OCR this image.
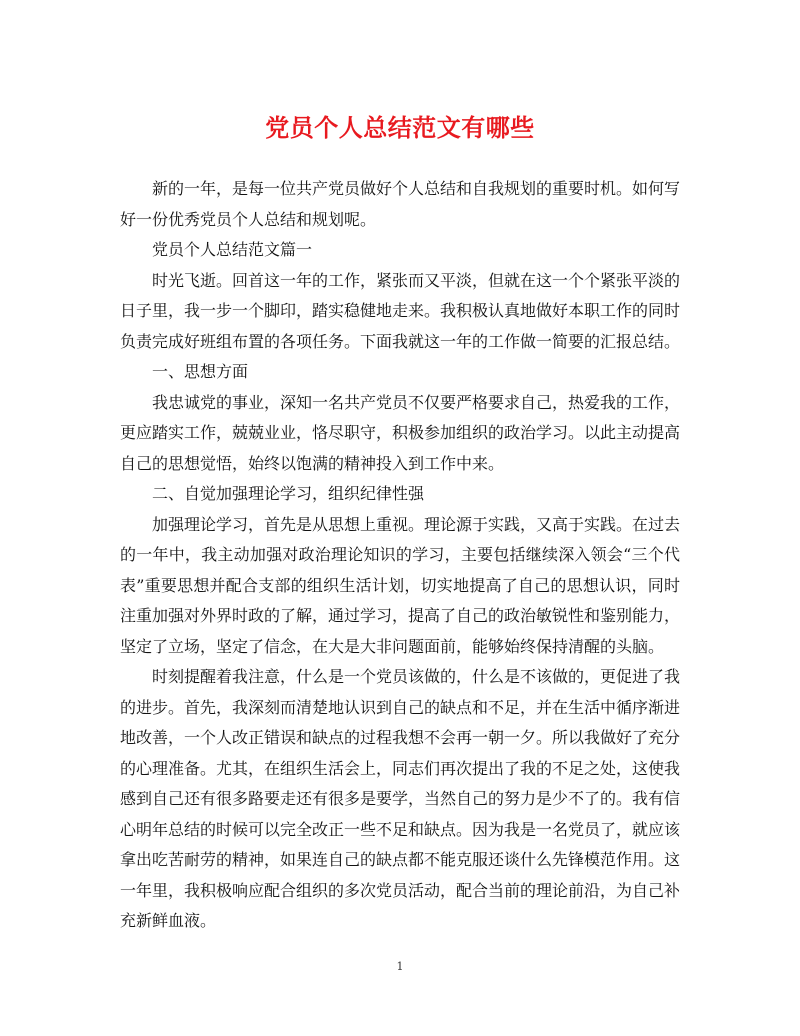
党员个人总结范文有哪些

新的一年，是每一位共产党员做好个人总结和自我规划的重要时机。如何写好一份优秀党员个人总结和规划呢。

党员个人总结范文篇一

时光飞逝。回首这一年的工作，紧张而又平淡，但就在这一个个紧张平淡的日子里，我一步一个脚印，踏实稳健地走来。我积极认真地做好本职工作的同时负责完成好班组布置的各项任务。下面我就这一年的工作做一简要的汇报总结。

一、思想方面

我忠诚党的事业，深知一名共产党员不仅要严格要求自己，热爱我的工作，更应踏实工作，兢兢业业，恪尽职守，积极参加组织的政治学习。以此主动提高自己的思想觉悟，始终以饱满的精神投入到工作中来。

二、自觉加强理论学习，组织纪律性强

加强理论学习，首先是从思想上重视。理论源于实践，又高于实践。在过去的一年中，我主动加强对政治理论知识的学习，主要包括继续深入领会“三个代表”重要思想并配合支部的组织生活计划，切实地提高了自己的思想认识，同时注重加强对外界时政的了解，通过学习，提高了自己的政治敏锐性和鉴别能力，坚定了立场，坚定了信念，在大是大非问题面前，能够始终保持清醒的头脑。

时刻提醒着我注意，什么是一个党员该做的，什么是不该做的，更促进了我的进步。首先，我深刻而清楚地认识到自己的缺点和不足，并在生活中循序渐进地改善，一个人改正错误和缺点的过程我想不会再一朝一夕。所以我做好了充分的心理准备。尤其，在组织生活会上，同志们再次提出了我的不足之处，这使我感到自己还有很多路要走还有很多是要学，当然自己的努力是少不了的。我有信心明年总结的时候可以完全改正一些不足和缺点。因为我是一名党员了，就应该拿出吃苦耐劳的精神，如果连自己的缺点都不能克服还谈什么先锋模范作用。这一年里，我积极响应配合组织的多次党员活动，配合当前的理论前沿，为自己补充新鲜血液。

1
